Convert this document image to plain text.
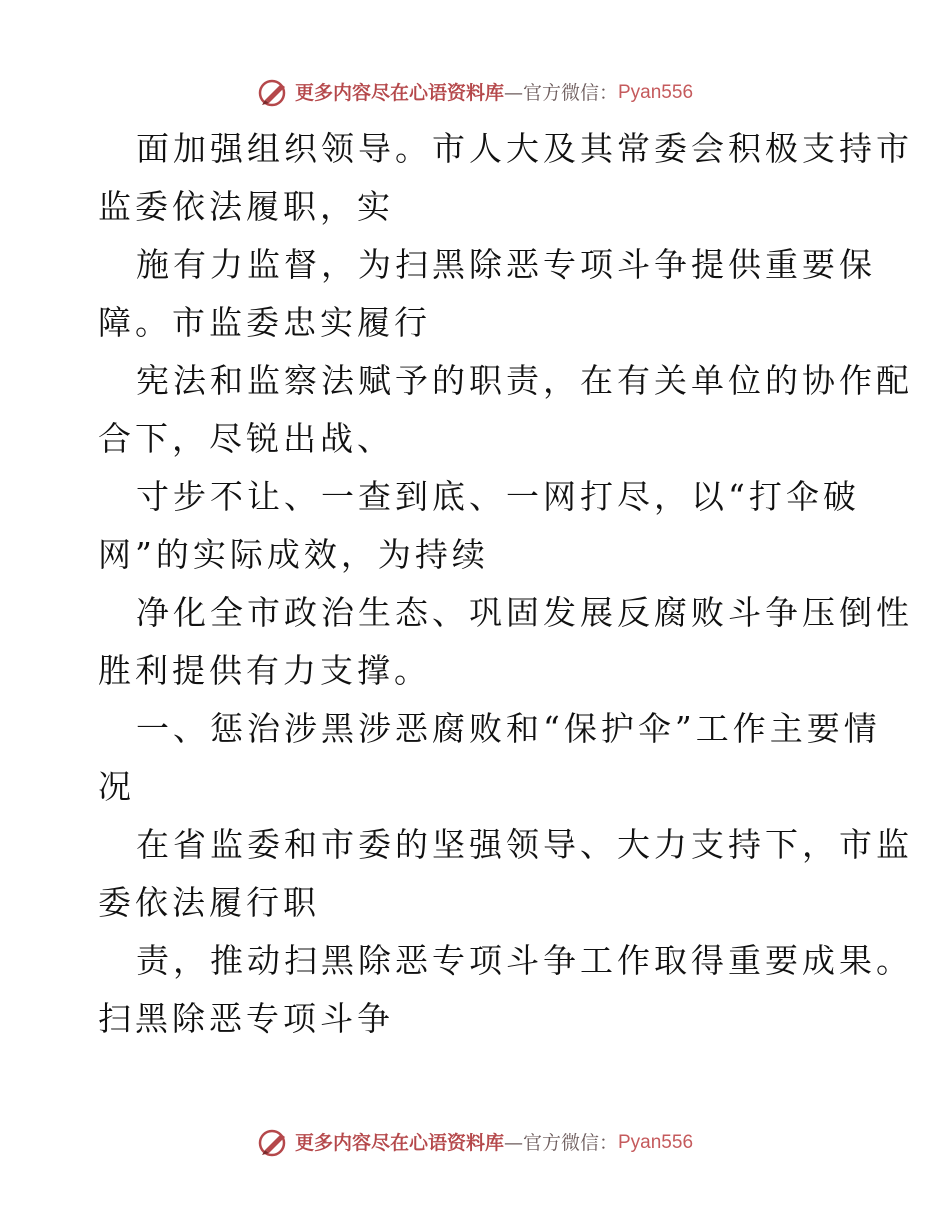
更多内容尽在心语资料库 — 官方微信： Pyan556
面加强组织领导。市人大及其常委会积极支持市
监委依法履职，实
施有力监督，为扫黑除恶专项斗争提供重要保
障。市监委忠实履行
宪法和监察法赋予的职责，在有关单位的协作配
合下，尽锐出战、
寸步不让、一查到底、一网打尽，以“打伞破
网”的实际成效，为持续
净化全市政治生态、巩固发展反腐败斗争压倒性
胜利提供有力支撑。
一、惩治涉黑涉恶腐败和“保护伞”工作主要情
况
在省监委和市委的坚强领导、大力支持下，市监
委依法履行职
责，推动扫黑除恶专项斗争工作取得重要成果。
扫黑除恶专项斗争
更多内容尽在心语资料库 — 官方微信： Pyan556
